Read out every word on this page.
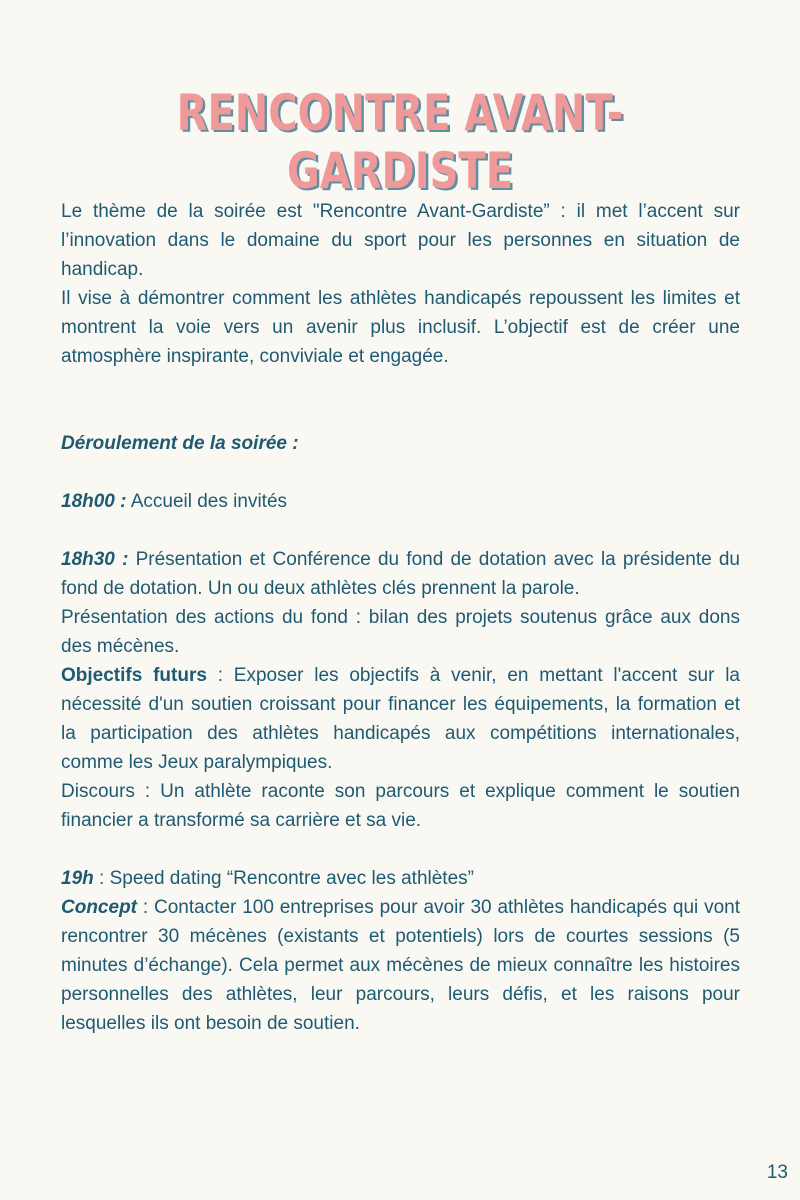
RENCONTRE AVANT-GARDISTE

Le thème de la soirée est "Rencontre Avant-Gardiste” : il met l’accent sur l’innovation dans le domaine du sport pour les personnes en situation de handicap.

Il vise à démontrer comment les athlètes handicapés repoussent les limites et montrent la voie vers un avenir plus inclusif. L’objectif est de créer une atmosphère inspirante, conviviale et engagée.

Déroulement de la soirée :

18h00 : Accueil des invités

18h30 : Présentation et Conférence du fond de dotation avec la présidente du fond de dotation. Un ou deux athlètes clés prennent la parole.

Présentation des actions du fond : bilan des projets soutenus grâce aux dons des mécènes.

Objectifs futurs : Exposer les objectifs à venir, en mettant l'accent sur la nécessité d'un soutien croissant pour financer les équipements, la formation et la participation des athlètes handicapés aux compétitions internationales, comme les Jeux paralympiques.

Discours : Un athlète raconte son parcours et explique comment le soutien financier a transformé sa carrière et sa vie.

19h : Speed dating “Rencontre avec les athlètes”

Concept : Contacter 100 entreprises pour avoir 30 athlètes handicapés qui vont rencontrer 30 mécènes (existants et potentiels) lors de courtes sessions (5 minutes d’échange). Cela permet aux mécènes de mieux connaître les histoires personnelles des athlètes, leur parcours, leurs défis, et les raisons pour lesquelles ils ont besoin de soutien.

13
